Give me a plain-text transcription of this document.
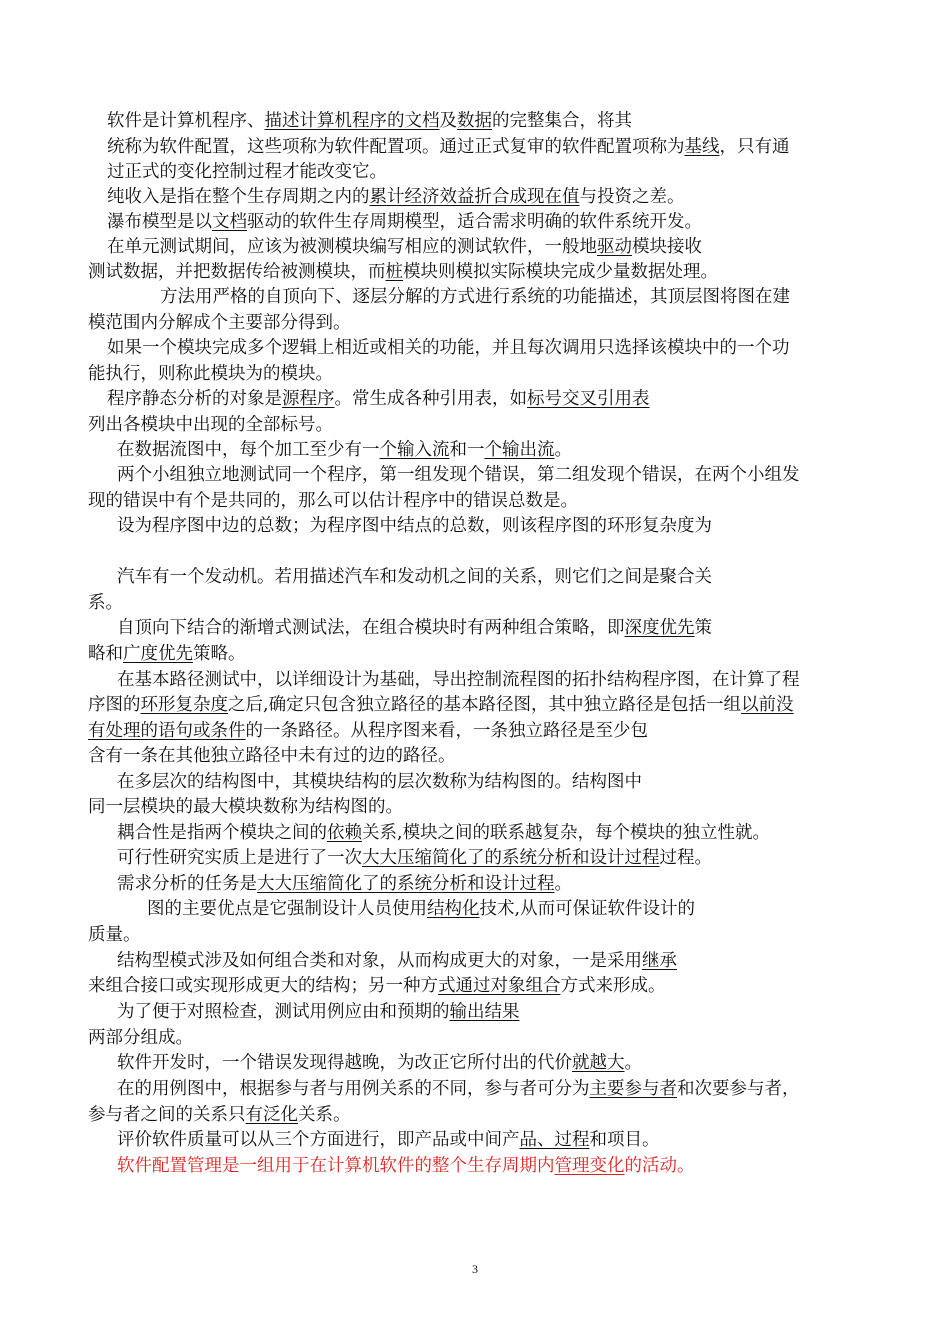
软件是计算机程序、描述计算机程序的文档及数据的完整集合，将其
统称为软件配置，这些项称为软件配置项。通过正式复审的软件配置项称为基线，只有通
过正式的变化控制过程才能改变它。
纯收入是指在整个生存周期之内的累计经济效益折合成现在值与投资之差。
瀑布模型是以文档驱动的软件生存周期模型，适合需求明确的软件系统开发。
在单元测试期间，应该为被测模块编写相应的测试软件，一般地驱动模块接收
测试数据，并把数据传给被测模块，而桩模块则模拟实际模块完成少量数据处理。
方法用严格的自顶向下、逐层分解的方式进行系统的功能描述，其顶层图将图在建
模范围内分解成个主要部分得到。
如果一个模块完成多个逻辑上相近或相关的功能，并且每次调用只选择该模块中的一个功
能执行，则称此模块为的模块。
程序静态分析的对象是源程序。常生成各种引用表，如标号交叉引用表
列出各模块中出现的全部标号。
在数据流图中，每个加工至少有一个输入流和一个输出流。
两个小组独立地测试同一个程序，第一组发现个错误，第二组发现个错误，在两个小组发
现的错误中有个是共同的，那么可以估计程序中的错误总数是。
设为程序图中边的总数；为程序图中结点的总数，则该程序图的环形复杂度为
汽车有一个发动机。若用描述汽车和发动机之间的关系，则它们之间是聚合关
系。
自顶向下结合的渐增式测试法，在组合模块时有两种组合策略，即深度优先策
略和广度优先策略。
在基本路径测试中，以详细设计为基础，导出控制流程图的拓扑结构程序图，在计算了程
序图的环形复杂度之后,确定只包含独立路径的基本路径图，其中独立路径是包括一组以前没
有处理的语句或条件的一条路径。从程序图来看，一条独立路径是至少包
含有一条在其他独立路径中未有过的边的路径。
在多层次的结构图中，其模块结构的层次数称为结构图的。结构图中
同一层模块的最大模块数称为结构图的。
耦合性是指两个模块之间的依赖关系,模块之间的联系越复杂，每个模块的独立性就。
可行性研究实质上是进行了一次大大压缩简化了的系统分析和设计过程过程。
需求分析的任务是大大压缩简化了的系统分析和设计过程。
图的主要优点是它强制设计人员使用结构化技术,从而可保证软件设计的
质量。
结构型模式涉及如何组合类和对象，从而构成更大的对象，一是采用继承
来组合接口或实现形成更大的结构；另一种方式通过对象组合方式来形成。
为了便于对照检查，测试用例应由和预期的输出结果
两部分组成。
软件开发时，一个错误发现得越晚，为改正它所付出的代价就越大。
在的用例图中，根据参与者与用例关系的不同，参与者可分为主要参与者和次要参与者，
参与者之间的关系只有泛化关系。
评价软件质量可以从三个方面进行，即产品或中间产品、过程和项目。
软件配置管理是一组用于在计算机软件的整个生存周期内管理变化的活动。
3
